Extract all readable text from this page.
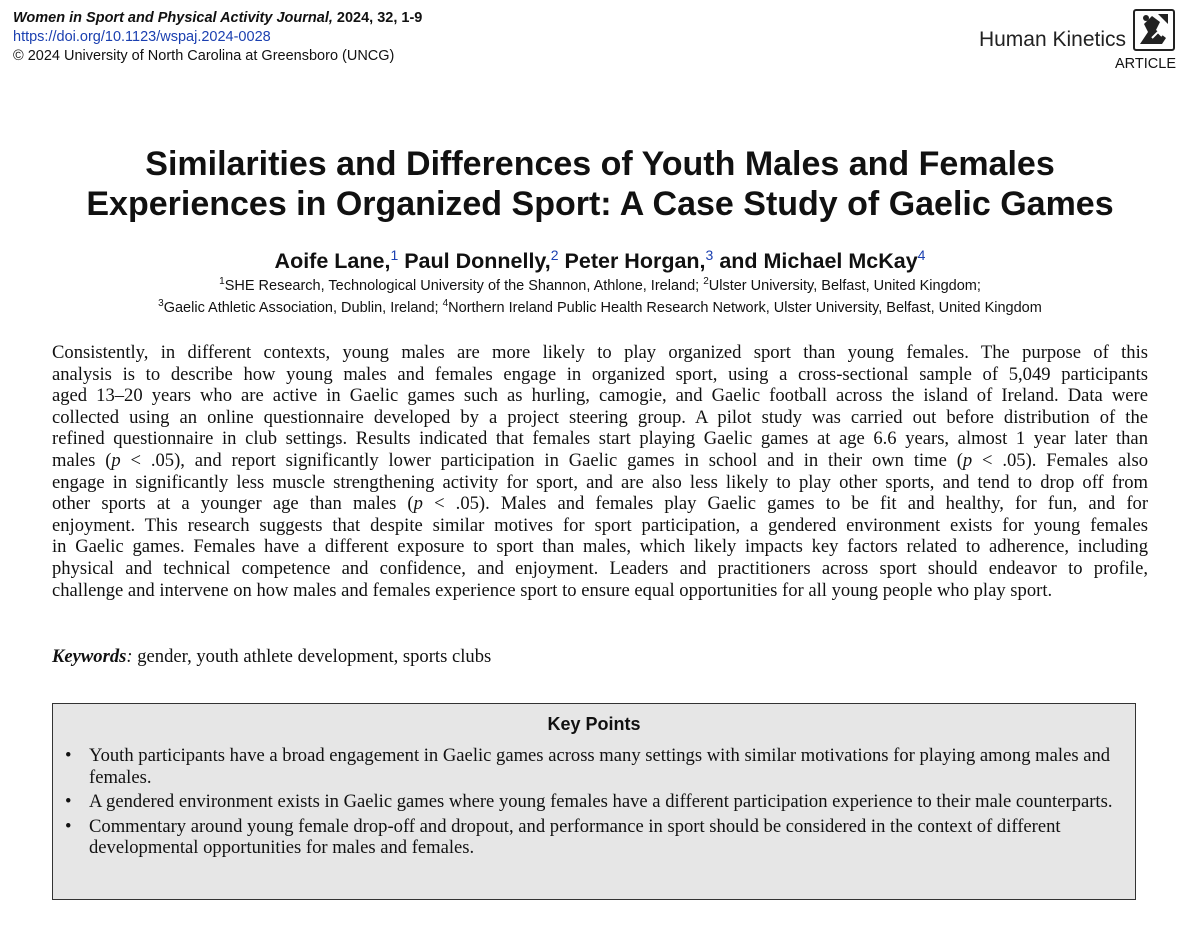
Women in Sport and Physical Activity Journal, 2024, 32, 1-9
https://doi.org/10.1123/wspaj.2024-0028
© 2024 University of North Carolina at Greensboro (UNCG)
Human Kinetics
ARTICLE
Similarities and Differences of Youth Males and Females
Experiences in Organized Sport: A Case Study of Gaelic Games
Aoife Lane,$^1$ Paul Donnelly,$^2$ Peter Horgan,$^3$ and Michael McKay$^4$
$^1$SHE Research, Technological University of the Shannon, Athlone, Ireland; $^2$Ulster University, Belfast, United Kingdom;
$^3$Gaelic Athletic Association, Dublin, Ireland; $^4$Northern Ireland Public Health Research Network, Ulster University, Belfast, United Kingdom
Consistently, in different contexts, young males are more likely to play organized sport than young females. The purpose of this
analysis is to describe how young males and females engage in organized sport, using a cross-sectional sample of 5,049 participants
aged 13–20 years who are active in Gaelic games such as hurling, camogie, and Gaelic football across the island of Ireland. Data were
collected using an online questionnaire developed by a project steering group. A pilot study was carried out before distribution of the
refined questionnaire in club settings. Results indicated that females start playing Gaelic games at age 6.6 years, almost 1 year later than
males (p < .05), and report significantly lower participation in Gaelic games in school and in their own time (p < .05). Females also
engage in significantly less muscle strengthening activity for sport, and are also less likely to play other sports, and tend to drop off from
other sports at a younger age than males (p < .05). Males and females play Gaelic games to be fit and healthy, for fun, and for
enjoyment. This research suggests that despite similar motives for sport participation, a gendered environment exists for young females
in Gaelic games. Females have a different exposure to sport than males, which likely impacts key factors related to adherence, including
physical and technical competence and confidence, and enjoyment. Leaders and practitioners across sport should endeavor to profile,
challenge and intervene on how males and females experience sport to ensure equal opportunities for all young people who play sport.
Keywords: gender, youth athlete development, sports clubs
Key Points
• Youth participants have a broad engagement in Gaelic games across many settings with similar motivations for playing among males and females.
• A gendered environment exists in Gaelic games where young females have a different participation experience to their male counterparts.
• Commentary around young female drop-off and dropout, and performance in sport should be considered in the context of different developmental opportunities for males and females.
